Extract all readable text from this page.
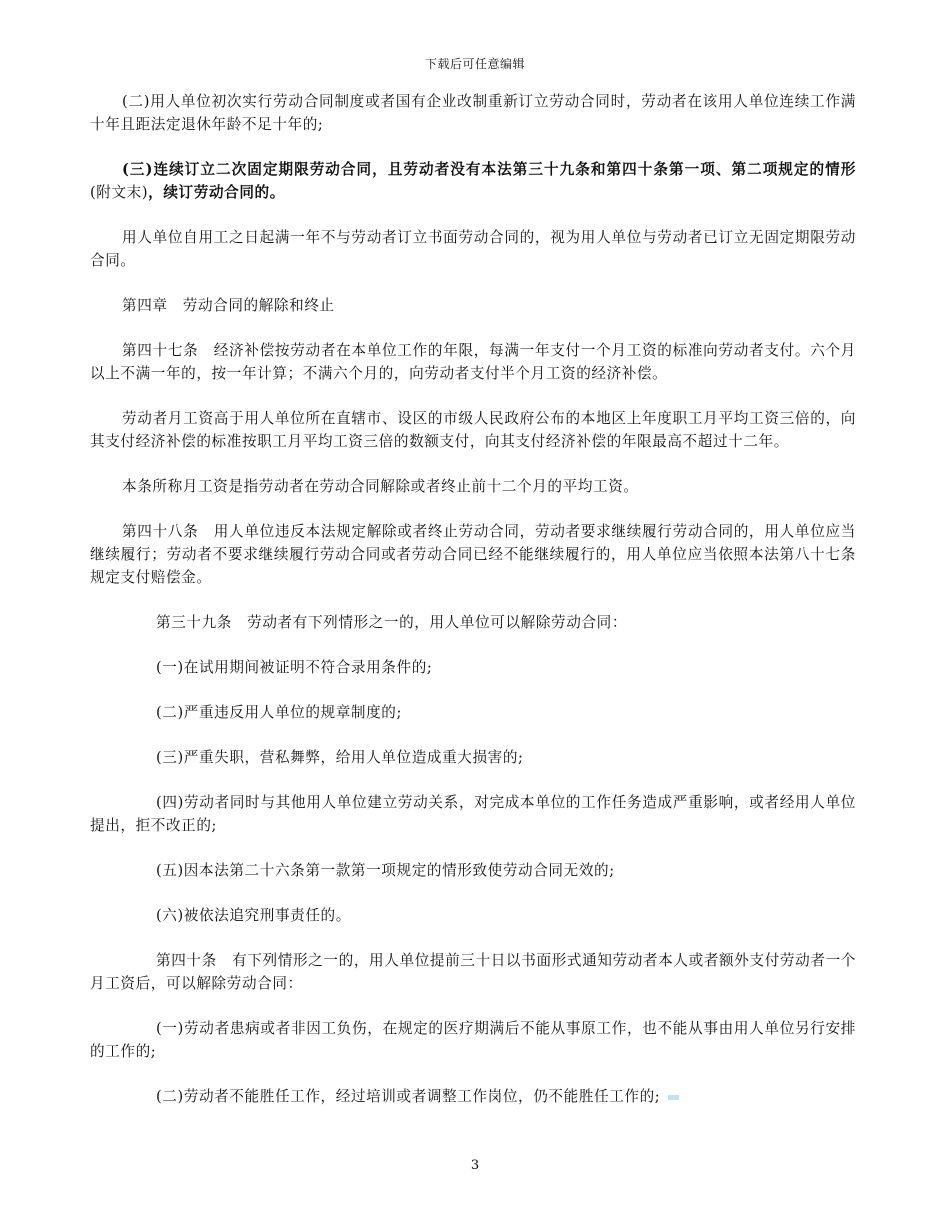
下载后可任意编辑

(二)用人单位初次实行劳动合同制度或者国有企业改制重新订立劳动合同时，劳动者在该用人单位连续工作满十年且距法定退休年龄不足十年的;

(三)连续订立二次固定期限劳动合同，且劳动者没有本法第三十九条和第四十条第一项、第二项规定的情形(附文末)，续订劳动合同的。

用人单位自用工之日起满一年不与劳动者订立书面劳动合同的，视为用人单位与劳动者已订立无固定期限劳动合同。

第四章　劳动合同的解除和终止

第四十七条　经济补偿按劳动者在本单位工作的年限，每满一年支付一个月工资的标准向劳动者支付。六个月以上不满一年的，按一年计算；不满六个月的，向劳动者支付半个月工资的经济补偿。

劳动者月工资高于用人单位所在直辖市、设区的市级人民政府公布的本地区上年度职工月平均工资三倍的，向其支付经济补偿的标准按职工月平均工资三倍的数额支付，向其支付经济补偿的年限最高不超过十二年。

本条所称月工资是指劳动者在劳动合同解除或者终止前十二个月的平均工资。

第四十八条　用人单位违反本法规定解除或者终止劳动合同，劳动者要求继续履行劳动合同的，用人单位应当继续履行；劳动者不要求继续履行劳动合同或者劳动合同已经不能继续履行的，用人单位应当依照本法第八十七条规定支付赔偿金。

第三十九条　劳动者有下列情形之一的，用人单位可以解除劳动合同：

(一)在试用期间被证明不符合录用条件的;

(二)严重违反用人单位的规章制度的;

(三)严重失职，营私舞弊，给用人单位造成重大损害的;

(四)劳动者同时与其他用人单位建立劳动关系，对完成本单位的工作任务造成严重影响，或者经用人单位提出，拒不改正的;

(五)因本法第二十六条第一款第一项规定的情形致使劳动合同无效的;

(六)被依法追究刑事责任的。

第四十条　有下列情形之一的，用人单位提前三十日以书面形式通知劳动者本人或者额外支付劳动者一个月工资后，可以解除劳动合同：

(一)劳动者患病或者非因工负伤，在规定的医疗期满后不能从事原工作，也不能从事由用人单位另行安排的工作的;

(二)劳动者不能胜任工作，经过培训或者调整工作岗位，仍不能胜任工作的;

3
